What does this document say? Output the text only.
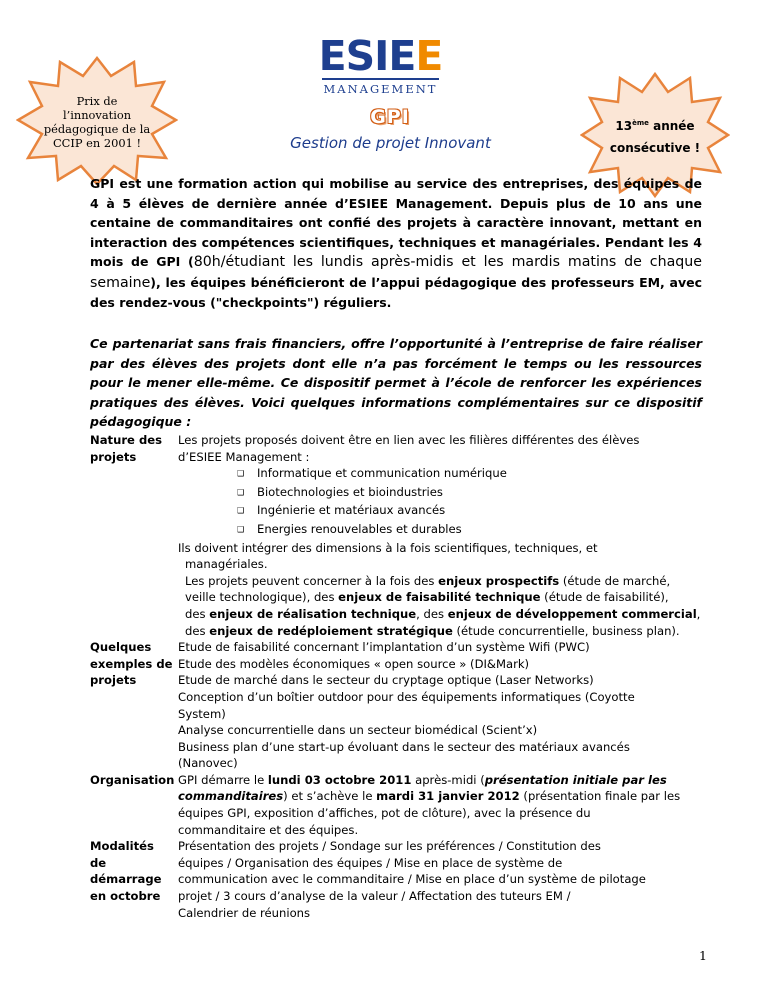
ESIEE
MANAGEMENT
Prix de
l’innovation
pédagogique de la
CCIP en 2001 !
13ème année
consécutive !
GPI
Gestion de projet Innovant
GPI est une formation action qui mobilise au service des entreprises, des équipes de 4 à 5 élèves de dernière année d’ESIEE Management. Depuis plus de 10 ans une centaine de commanditaires ont confié des projets à caractère innovant, mettant en interaction des compétences scientifiques, techniques et managériales. Pendant les 4 mois de GPI (80h/étudiant les lundis après-midis et les mardis matins de chaque semaine), les équipes bénéficieront de l’appui pédagogique des professeurs EM, avec des rendez-vous ("checkpoints") réguliers.
Ce partenariat sans frais financiers, offre l’opportunité à l’entreprise de faire réaliser par des élèves des projets dont elle n’a pas forcément le temps ou les ressources pour le mener elle-même. Ce dispositif permet à l’école de renforcer les expériences pratiques des élèves. Voici quelques informations complémentaires sur ce dispositif pédagogique :
Nature des
projets
Les projets proposés doivent être en lien avec les filières différentes des élèves
d’ESIEE Management :
❑ Informatique et communication numérique
❑ Biotechnologies et bioindustries
❑ Ingénierie et matériaux avancés
❑ Energies renouvelables et durables
Ils doivent intégrer des dimensions à la fois scientifiques, techniques, et
managériales.
Les projets peuvent concerner à la fois des enjeux prospectifs (étude de marché,
veille technologique), des enjeux de faisabilité technique (étude de faisabilité),
des enjeux de réalisation technique, des enjeux de développement commercial,
des enjeux de redéploiement stratégique (étude concurrentielle, business plan).
Quelques
exemples de
projets
Etude de faisabilité concernant l’implantation d’un système Wifi (PWC)
Etude des modèles économiques « open source » (DI&Mark)
Etude de marché dans le secteur du cryptage optique (Laser Networks)
Conception d’un boîtier outdoor pour des équipements informatiques (Coyotte
System)
Analyse concurrentielle dans un secteur biomédical (Scient’x)
Business plan d’une start-up évoluant dans le secteur des matériaux avancés
(Nanovec)
Organisation GPI démarre le lundi 03 octobre 2011 après-midi (présentation initiale par les
commanditaires) et s’achève le mardi 31 janvier 2012 (présentation finale par les
équipes GPI, exposition d’affiches, pot de clôture), avec la présence du
commanditaire et des équipes.
Modalités
de
démarrage
en octobre
Présentation des projets / Sondage sur les préférences / Constitution des
équipes / Organisation des équipes / Mise en place de système de
communication avec le commanditaire / Mise en place d’un système de pilotage
projet / 3 cours d’analyse de la valeur / Affectation des tuteurs EM /
Calendrier de réunions
1
